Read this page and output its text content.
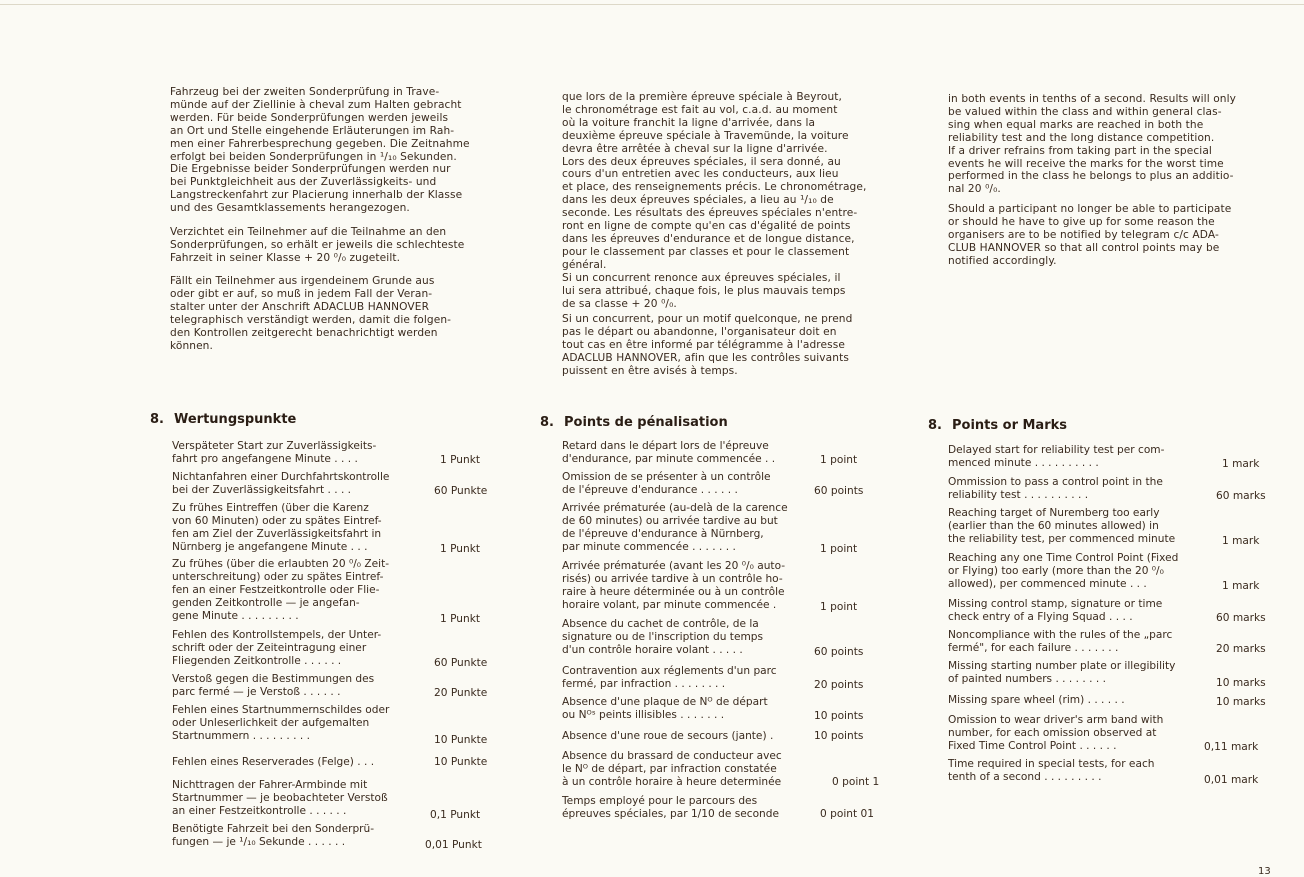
Fahrzeug bei der zweiten Sonderprüfung in Trave-
münde auf der Ziellinie à cheval zum Halten gebracht
werden. Für beide Sonderprüfungen werden jeweils
an Ort und Stelle eingehende Erläuterungen im Rah-
men einer Fahrerbesprechung gegeben. Die Zeitnahme
erfolgt bei beiden Sonderprüfungen in ¹/₁₀ Sekunden.
Die Ergebnisse beider Sonderprüfungen werden nur
bei Punktgleichheit aus der Zuverlässigkeits- und
Langstreckenfahrt zur Placierung innerhalb der Klasse
und des Gesamtklassements herangezogen.

Verzichtet ein Teilnehmer auf die Teilnahme an den
Sonderprüfungen, so erhält er jeweils die schlechteste
Fahrzeit in seiner Klasse + 20 ⁰/₀ zugeteilt.

Fällt ein Teilnehmer aus irgendeinem Grunde aus
oder gibt er auf, so muß in jedem Fall der Veran-
stalter unter der Anschrift ADACLUB HANNOVER
telegraphisch verständigt werden, damit die folgen-
den Kontrollen zeitgerecht benachrichtigt werden
können.

8. Wertungspunkte
Verspäteter Start zur Zuverlässigkeits-
fahrt pro angefangene Minute . . . .	1 Punkt
Nichtanfahren einer Durchfahrtskontrolle
bei der Zuverlässigkeitsfahrt . . . .	60 Punkte
Zu frühes Eintreffen (über die Karenz
von 60 Minuten) oder zu spätes Eintref-
fen am Ziel der Zuverlässigkeitsfahrt in
Nürnberg je angefangene Minute . . .	1 Punkt
Zu frühes (über die erlaubten 20 ⁰/₀ Zeit-
unterschreitung) oder zu spätes Eintref-
fen an einer Festzeitkontrolle oder Flie-
genden Zeitkontrolle — je angefan-
gene Minute . . . . . . . . .	1 Punkt
Fehlen des Kontrollstempels, der Unter-
schrift oder der Zeiteintragung einer
Fliegenden Zeitkontrolle . . . . . .	60 Punkte
Verstoß gegen die Bestimmungen des
parc fermé — je Verstoß . . . . . .	20 Punkte
Fehlen eines Startnummernschildes oder
oder Unleserlichkeit der aufgemalten
Startnummern . . . . . . . . .	10 Punkte
Fehlen eines Reserverades (Felge) . . .	10 Punkte
Nichttragen der Fahrer-Armbinde mit
Startnummer — je beobachteter Verstoß
an einer Festzeitkontrolle . . . . . .	0,1 Punkt
Benötigte Fahrzeit bei den Sonderprü-
fungen — je ¹/₁₀ Sekunde . . . . . .	0,01 Punkt

que lors de la première épreuve spéciale à Beyrout,
le chronométrage est fait au vol, c.a.d. au moment
où la voiture franchit la ligne d'arrivée, dans la
deuxième épreuve spéciale à Travemünde, la voiture
devra être arrêtée à cheval sur la ligne d'arrivée.
Lors des deux épreuves spéciales, il sera donné, au
cours d'un entretien avec les conducteurs, aux lieu
et place, des renseignements précis. Le chronométrage,
dans les deux épreuves spéciales, a lieu au ¹/₁₀ de
seconde. Les résultats des épreuves spéciales n'entre-
ront en ligne de compte qu'en cas d'égalité de points
dans les épreuves d'endurance et de longue distance,
pour le classement par classes et pour le classement
général.

Si un concurrent renonce aux épreuves spéciales, il
lui sera attribué, chaque fois, le plus mauvais temps
de sa classe + 20 ⁰/₀.

Si un concurrent, pour un motif quelconque, ne prend
pas le départ ou abandonne, l'organisateur doit en
tout cas en être informé par télégramme à l'adresse
ADACLUB HANNOVER, afin que les contrôles suivants
puissent en être avisés à temps.

8. Points de pénalisation
Retard dans le départ lors de l'épreuve
d'endurance, par minute commencée . .	1 point
Omission de se présenter à un contrôle
de l'épreuve d'endurance . . . . . .	60 points
Arrivée prématurée (au-delà de la carence
de 60 minutes) ou arrivée tardive au but
de l'épreuve d'endurance à Nürnberg,
par minute commencée . . . . . . .	1 point
Arrivée prématurée (avant les 20 ⁰/₀ auto-
risés) ou arrivée tardive à un contrôle ho-
raire à heure déterminée ou à un contrôle
horaire volant, par minute commencée .	1 point
Absence du cachet de contrôle, de la
signature ou de l'inscription du temps
d'un contrôle horaire volant . . . . .	60 points
Contravention aux réglements d'un parc
fermé, par infraction . . . . . . . .	20 points
Absence d'une plaque de Nᴼ de départ
ou Nᴼˢ peints illisibles . . . . . . .	10 points
Absence d'une roue de secours (jante) .	10 points
Absence du brassard de conducteur avec
le Nᴼ de départ, par infraction constatée
à un contrôle horaire à heure determinée	0 point 1
Temps employé pour le parcours des
épreuves spéciales, par 1/10 de seconde	0 point 01

in both events in tenths of a second. Results will only
be valued within the class and within general clas-
sing when equal marks are reached in both the
reliability test and the long distance competition.
If a driver refrains from taking part in the special
events he will receive the marks for the worst time
performed in the class he belongs to plus an additio-
nal 20 ⁰/₀.

Should a participant no longer be able to participate
or should he have to give up for some reason the
organisers are to be notified by telegram c/c ADA-
CLUB HANNOVER so that all control points may be
notified accordingly.

8. Points or Marks
Delayed start for reliability test per com-
menced minute . . . . . . . . . .	1 mark
Ommission to pass a control point in the
reliability test . . . . . . . . . .	60 marks
Reaching target of Nuremberg too early
(earlier than the 60 minutes allowed) in
the reliability test, per commenced minute	1 mark
Reaching any one Time Control Point (Fixed
or Flying) too early (more than the 20 ⁰/₀
allowed), per commenced minute . . .	1 mark
Missing control stamp, signature or time
check entry of a Flying Squad . . . .	60 marks
Noncompliance with the rules of the „parc
fermé", for each failure . . . . . . .	20 marks
Missing starting number plate or illegibility
of painted numbers . . . . . . . .	10 marks
Missing spare wheel (rim) . . . . . .	10 marks
Omission to wear driver's arm band with
number, for each omission observed at
Fixed Time Control Point . . . . . .	0,11 mark
Time required in special tests, for each
tenth of a second . . . . . . . . .	0,01 mark
13
